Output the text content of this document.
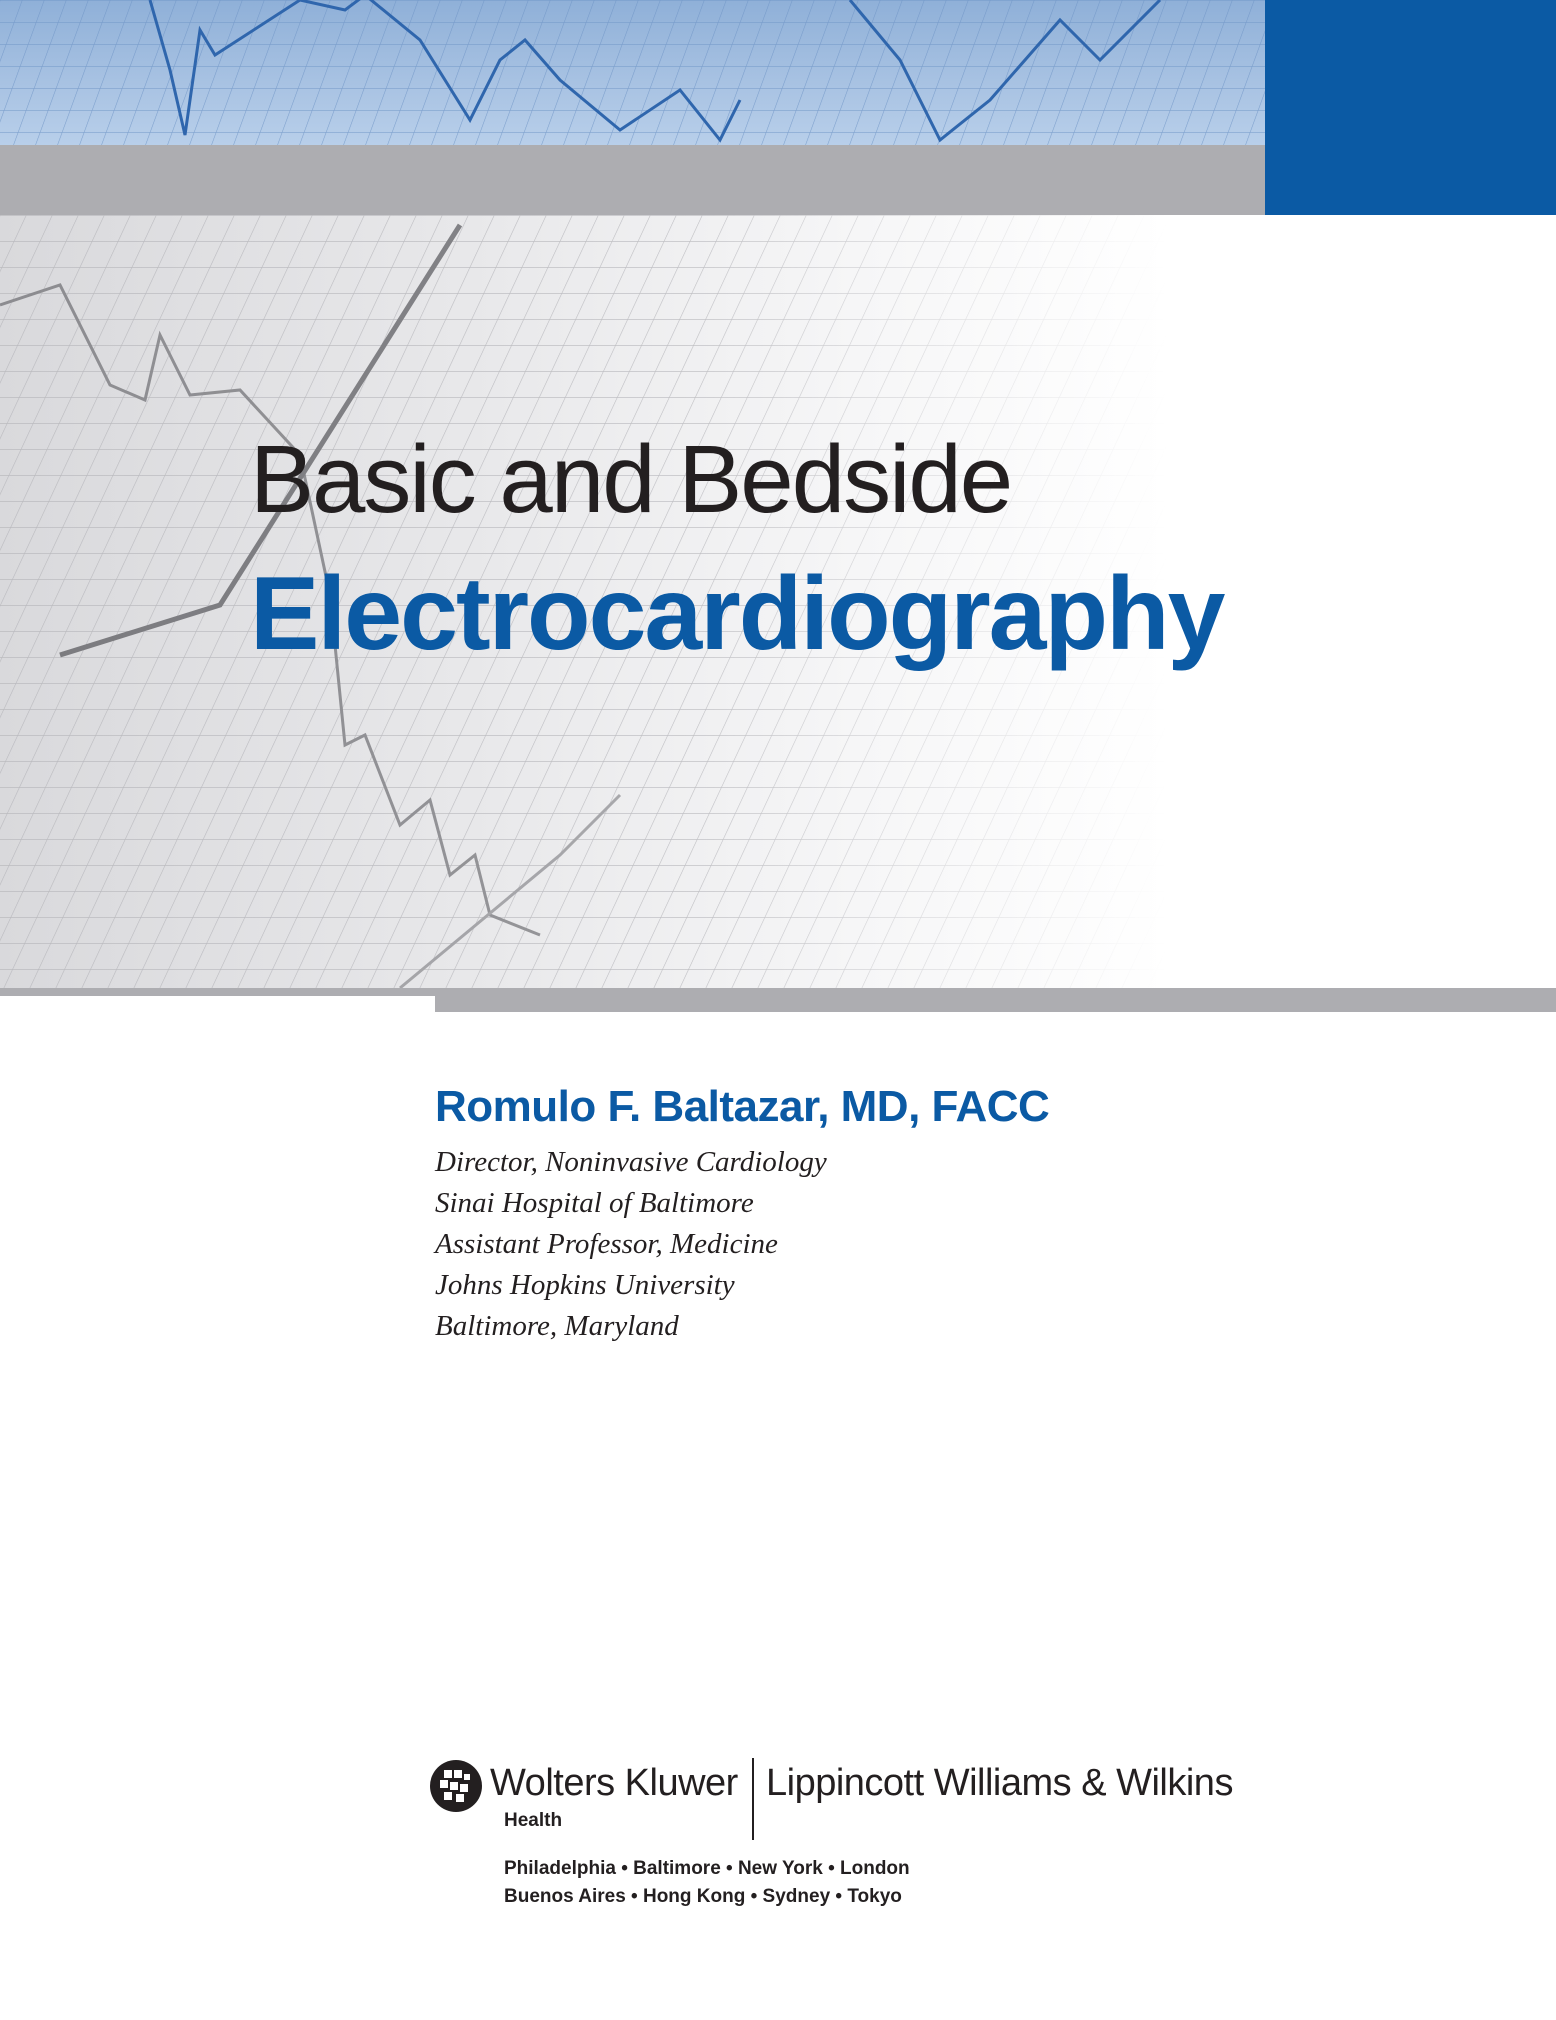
Basic and Bedside
Electrocardiography
Romulo F. Baltazar, MD, FACC
Director, Noninvasive Cardiology
Sinai Hospital of Baltimore
Assistant Professor, Medicine
Johns Hopkins University
Baltimore, Maryland
Wolters Kluwer
Health
Lippincott Williams & Wilkins
Philadelphia • Baltimore • New York • London
Buenos Aires • Hong Kong • Sydney • Tokyo
